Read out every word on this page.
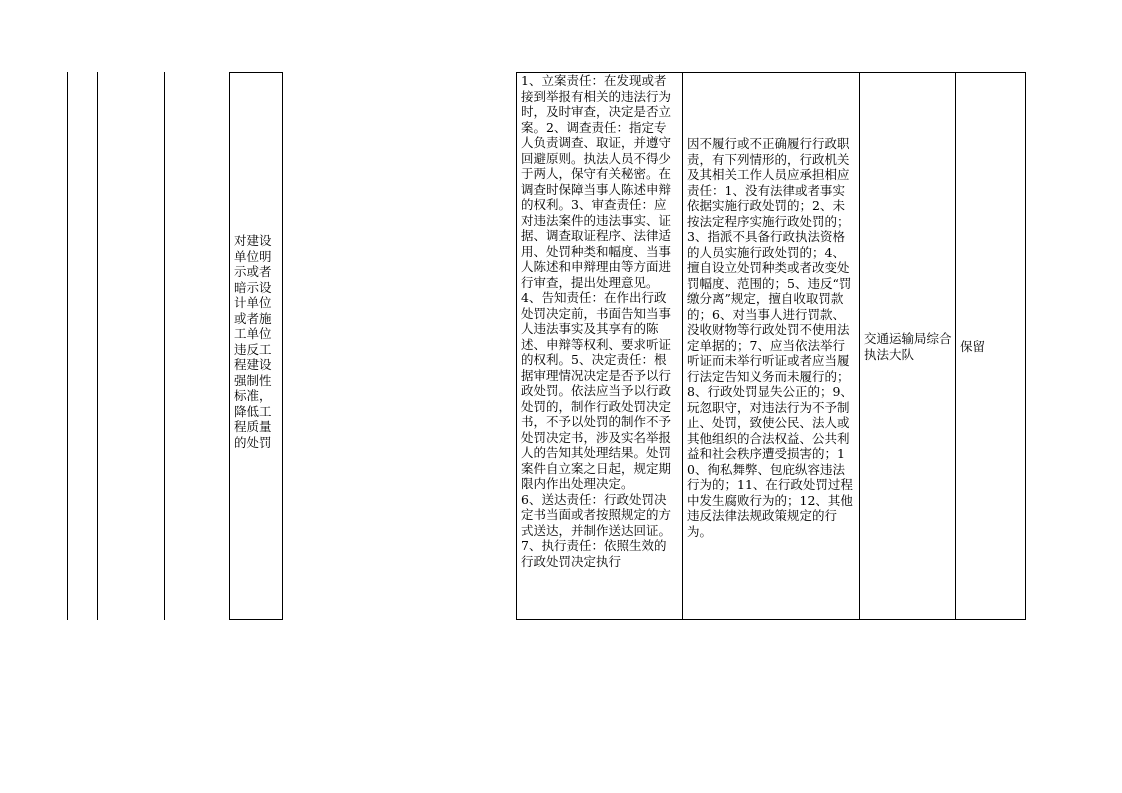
对建设单位明示或者暗示设计单位或者施工单位违反工程建设强制性标准，降低工程质量的处罚
1、立案责任：在发现或者接到举报有相关的违法行为时，及时审查，决定是否立案。2、调查责任：指定专人负责调查、取证，并遵守回避原则。执法人员不得少于两人，保守有关秘密。在调查时保障当事人陈述申辩的权利。3、审查责任：应对违法案件的违法事实、证据、调查取证程序、法律适用、处罚种类和幅度、当事人陈述和申辩理由等方面进行审查，提出处理意见。4、告知责任：在作出行政处罚决定前，书面告知当事人违法事实及其享有的陈述、申辩等权利、要求听证的权利。5、决定责任：根据审理情况决定是否予以行政处罚。依法应当予以行政处罚的，制作行政处罚决定书，不予以处罚的制作不予处罚决定书，涉及实名举报人的告知其处理结果。处罚案件自立案之日起，规定期限内作出处理决定。
6、送达责任：行政处罚决定书当面或者按照规定的方式送达，并制作送达回证。7、执行责任：依照生效的行政处罚决定执行
因不履行或不正确履行行政职责，有下列情形的，行政机关及其相关工作人员应承担相应责任：1、没有法律或者事实依据实施行政处罚的；2、未按法定程序实施行政处罚的；3、指派不具备行政执法资格的人员实施行政处罚的；4、擅自设立处罚种类或者改变处罚幅度、范围的；5、违反“罚缴分离”规定，擅自收取罚款的；6、对当事人进行罚款、没收财物等行政处罚不使用法定单据的；7、应当依法举行听证而未举行听证或者应当履行法定告知义务而未履行的；8、行政处罚显失公正的；9、玩忽职守，对违法行为不予制止、处罚，致使公民、法人或其他组织的合法权益、公共利益和社会秩序遭受损害的；10、徇私舞弊、包庇纵容违法行为的；11、在行政处罚过程中发生腐败行为的；12、其他违反法律法规政策规定的行为。
交通运输局综合执法大队	保留
